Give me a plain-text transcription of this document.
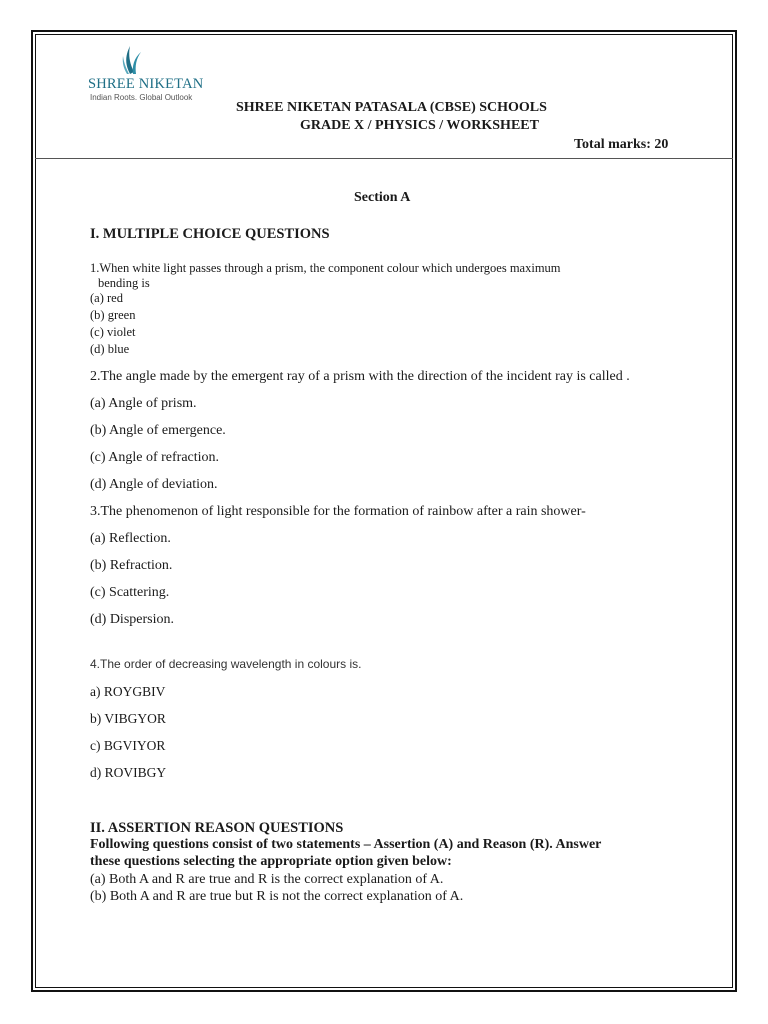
SHREE NIKETAN
Indian Roots. Global Outlook
SHREE NIKETAN PATASALA (CBSE) SCHOOLS
GRADE X / PHYSICS / WORKSHEET
Total marks: 20
Section A
I. MULTIPLE CHOICE QUESTIONS
1.When white light passes through a prism, the component colour which undergoes maximum
bending is
(a) red
(b) green
(c) violet
(d) blue
2.The angle made by the emergent ray of a prism with the direction of the incident ray is called .
(a) Angle of prism.
(b) Angle of emergence.
(c) Angle of refraction.
(d) Angle of deviation.
3.The phenomenon of light responsible for the formation of rainbow after a rain shower-
(a) Reflection.
(b) Refraction.
(c) Scattering.
(d) Dispersion.
4.The order of decreasing wavelength in colours is.
a) ROYGBIV
b) VIBGYOR
c) BGVIYOR
d) ROVIBGY
II. ASSERTION REASON QUESTIONS
Following questions consist of two statements – Assertion (A) and Reason (R). Answer
these questions selecting the appropriate option given below:
(a) Both A and R are true and R is the correct explanation of A.
(b) Both A and R are true but R is not the correct explanation of A.
